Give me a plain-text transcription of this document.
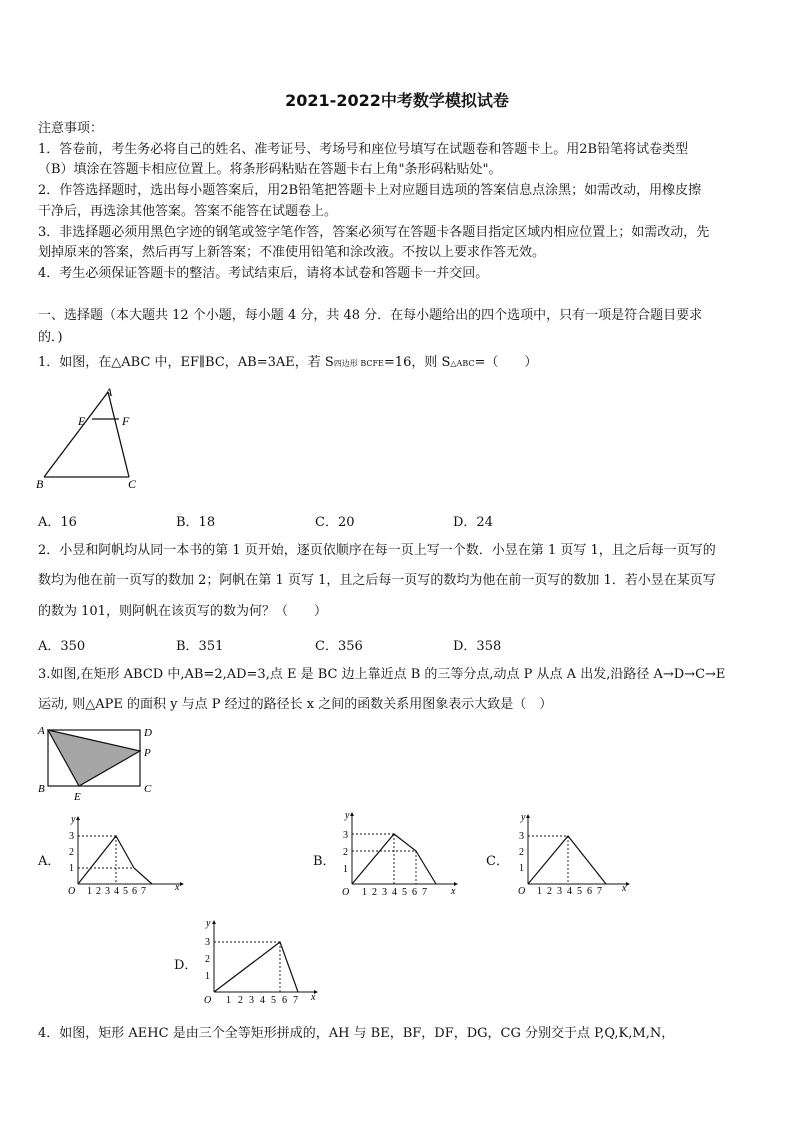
2021-2022中考数学模拟试卷
注意事项：
1．答卷前，考生务必将自己的姓名、准考证号、考场号和座位号填写在试题卷和答题卡上。用2B铅笔将试卷类型
（B）填涂在答题卡相应位置上。将条形码粘贴在答题卡右上角"条形码粘贴处"。
2．作答选择题时，选出每小题答案后，用2B铅笔把答题卡上对应题目选项的答案信息点涂黑；如需改动，用橡皮擦
干净后，再选涂其他答案。答案不能答在试题卷上。
3．非选择题必须用黑色字迹的钢笔或签字笔作答，答案必须写在答题卡各题目指定区域内相应位置上；如需改动，先
划掉原来的答案，然后再写上新答案；不准使用铅笔和涂改液。不按以上要求作答无效。
4．考生必须保证答题卡的整洁。考试结束后，请将本试卷和答题卡一并交回。
一、选择题（本大题共 12 个小题，每小题 4 分，共 48 分．在每小题给出的四个选项中，只有一项是符合题目要求
的．)
1．如图，在△ABC 中，EF∥BC，AB=3AE，若 S四边形 BCFE=16，则 S△ABC=（　　）
A
E	F
B	C
A．16	B．18	C．20	D．24
2．小昱和阿帆均从同一本书的第 1 页开始，逐页依顺序在每一页上写一个数．小昱在第 1 页写 1，且之后每一页写的
数均为他在前一页写的数加 2；阿帆在第 1 页写 1，且之后每一页写的数均为他在前一页写的数加 1．若小昱在某页写
的数为 101，则阿帆在该页写的数为何？（　　）
A．350	B．351	C．356	D．358
3.如图,在矩形 ABCD 中,AB=2,AD=3,点 E 是 BC 边上靠近点 B 的三等分点,动点 P 从点 A 出发,沿路径 A→D→C→E
运动, 则△APE 的面积 y 与点 P 经过的路径长 x 之间的函数关系用图象表示大致是（　）
A	D
P
B	C
E
A．	B．	C．
D．
y
x
O 1 2 3 4 5 6 7
1
2
3
y
x
O 1 2 3 4 5 6 7
1
2
3
y
x
O 1 2 3 4 5 6 7
1
2
3
y
x
O 1 2 3 4 5 6 7
1
2
3
4．如图，矩形 AEHC 是由三个全等矩形拼成的，AH 与 BE，BF，DF，DG，CG 分别交于点 P,Q,K,M,N，
